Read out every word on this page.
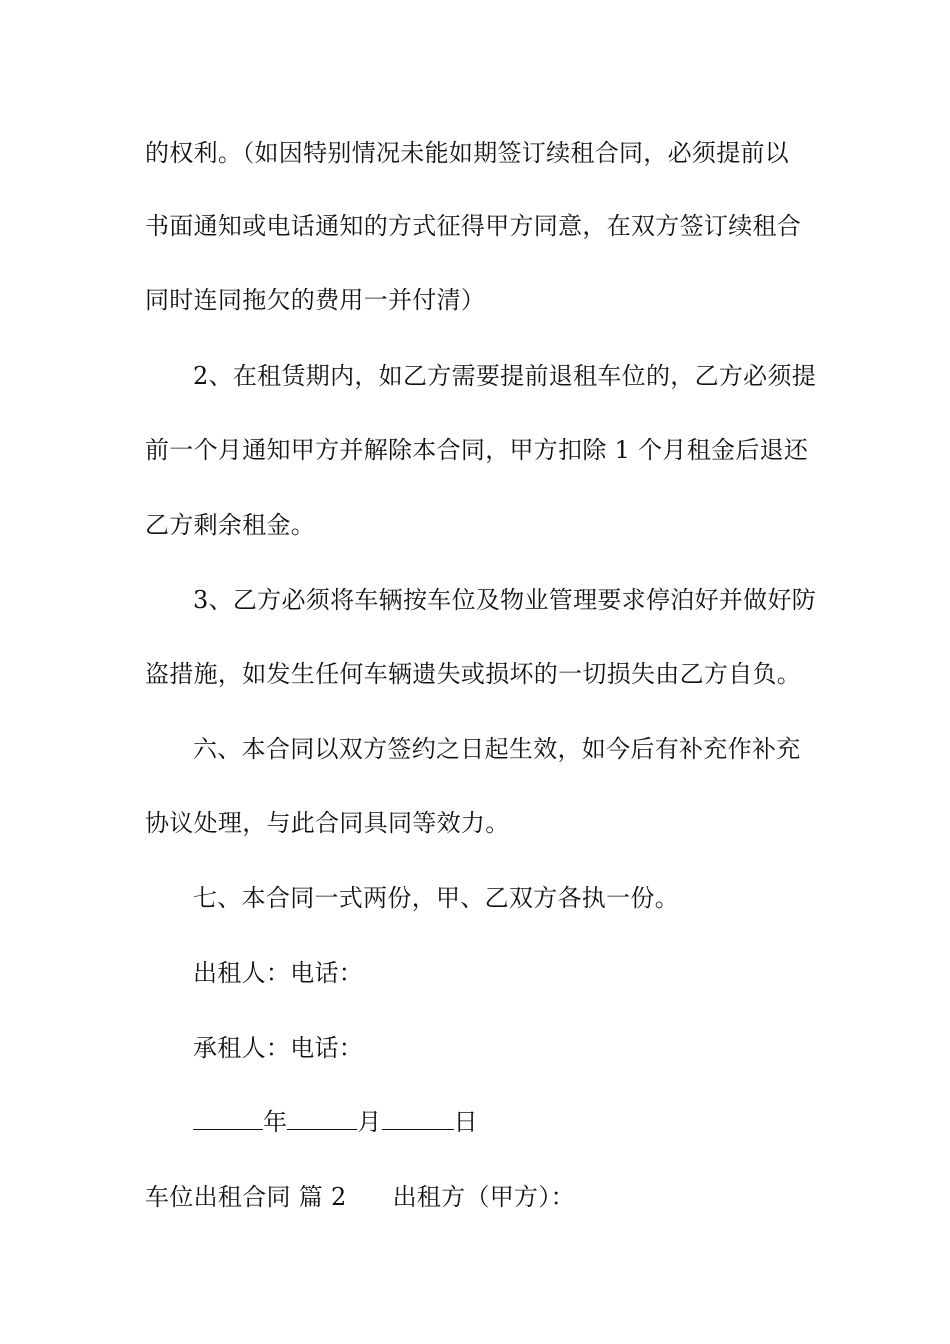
的权利。（如因特别情况未能如期签订续租合同，必须提前以
书面通知或电话通知的方式征得甲方同意，在双方签订续租合
同时连同拖欠的费用一并付清）
2、在租赁期内，如乙方需要提前退租车位的，乙方必须提
前一个月通知甲方并解除本合同，甲方扣除 1 个月租金后退还
乙方剩余租金。
3、乙方必须将车辆按车位及物业管理要求停泊好并做好防
盗措施，如发生任何车辆遗失或损坏的一切损失由乙方自负。
六、本合同以双方签约之日起生效，如今后有补充作补充
协议处理，与此合同具同等效力。
七、本合同一式两份，甲、乙双方各执一份。
出租人：电话：
承租人：电话：
年	月	日
车位出租合同 篇 2 出租方（甲方）：
